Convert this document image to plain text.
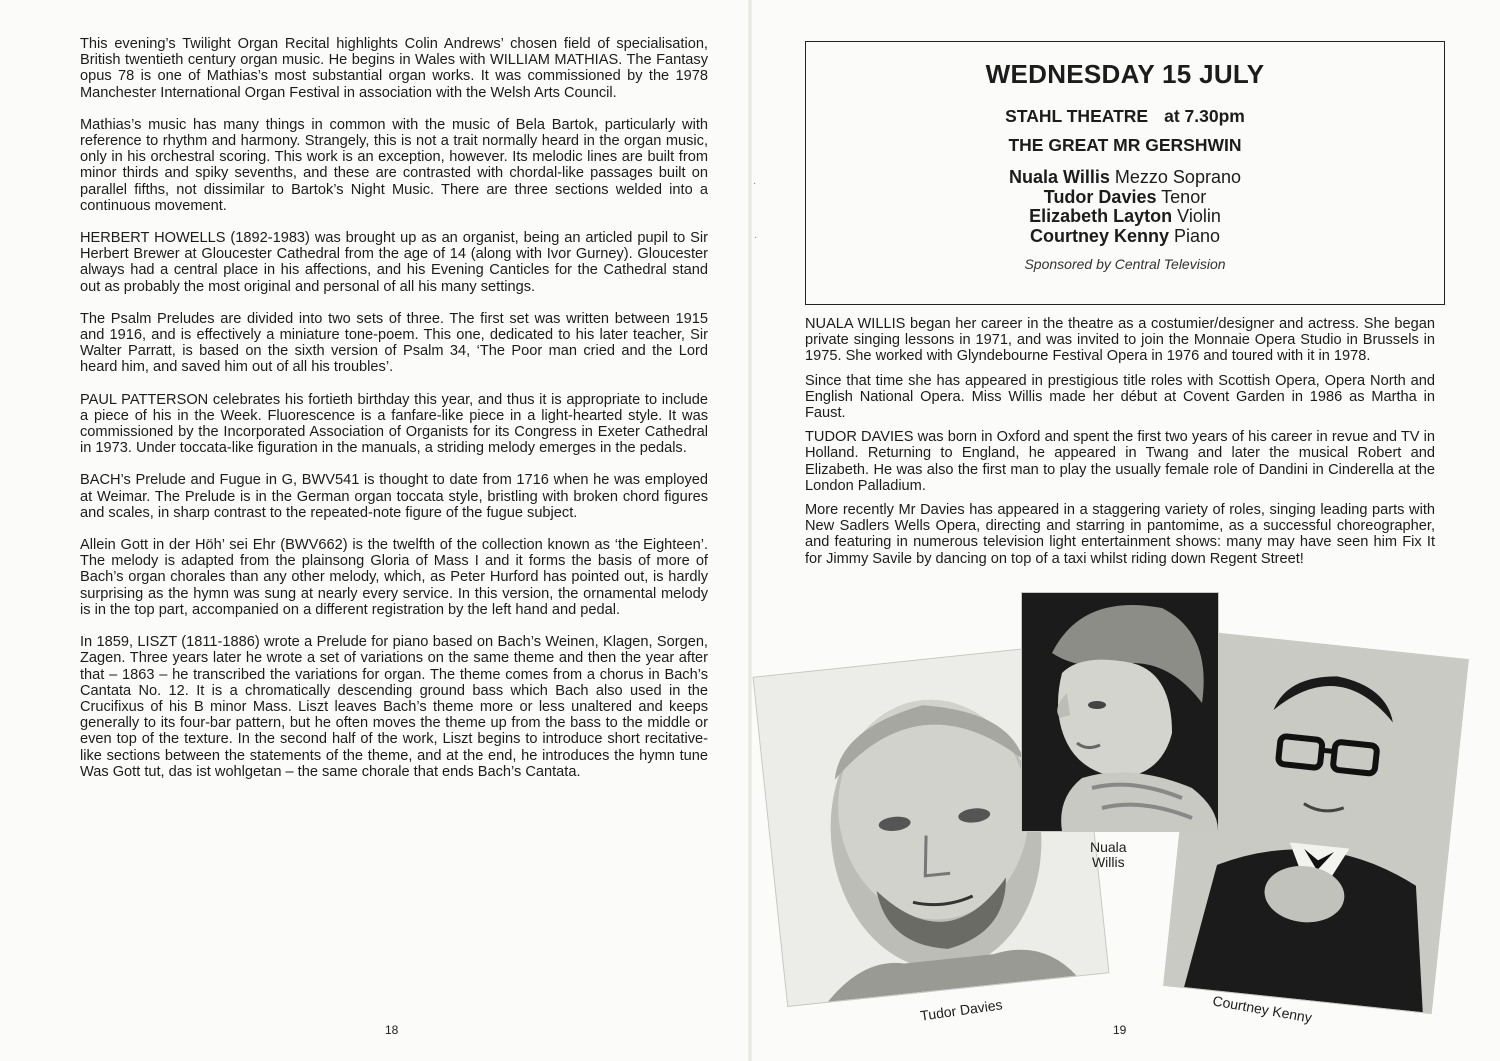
This evening’s Twilight Organ Recital highlights Colin Andrews’ chosen field of specialisation, British twentieth century organ music. He begins in Wales with WILLIAM MATHIAS. The Fantasy opus 78 is one of Mathias’s most substantial organ works. It was commissioned by the 1978 Manchester International Organ Festival in association with the Welsh Arts Council.

Mathias’s music has many things in common with the music of Bela Bartok, particularly with reference to rhythm and harmony. Strangely, this is not a trait normally heard in the organ music, only in his orchestral scoring. This work is an exception, however. Its melodic lines are built from minor thirds and spiky sevenths, and these are contrasted with chordal-like passages built on parallel fifths, not dissimilar to Bartok’s Night Music. There are three sections welded into a continuous movement.

HERBERT HOWELLS (1892-1983) was brought up as an organist, being an articled pupil to Sir Herbert Brewer at Gloucester Cathedral from the age of 14 (along with Ivor Gurney). Gloucester always had a central place in his affections, and his Evening Canticles for the Cathedral stand out as probably the most original and personal of all his many settings.

The Psalm Preludes are divided into two sets of three. The first set was written between 1915 and 1916, and is effectively a miniature tone-poem. This one, dedicated to his later teacher, Sir Walter Parratt, is based on the sixth version of Psalm 34, ‘The Poor man cried and the Lord heard him, and saved him out of all his troubles’.

PAUL PATTERSON celebrates his fortieth birthday this year, and thus it is appropriate to include a piece of his in the Week. Fluorescence is a fanfare-like piece in a light-hearted style. It was commissioned by the Incorporated Association of Organists for its Congress in Exeter Cathedral in 1973. Under toccata-like figuration in the manuals, a striding melody emerges in the pedals.

BACH’s Prelude and Fugue in G, BWV541 is thought to date from 1716 when he was employed at Weimar. The Prelude is in the German organ toccata style, bristling with broken chord figures and scales, in sharp contrast to the repeated-note figure of the fugue subject.

Allein Gott in der Höh’ sei Ehr (BWV662) is the twelfth of the collection known as ‘the Eighteen’. The melody is adapted from the plainsong Gloria of Mass I and it forms the basis of more of Bach’s organ chorales than any other melody, which, as Peter Hurford has pointed out, is hardly surprising as the hymn was sung at nearly every service. In this version, the ornamental melody is in the top part, accompanied on a different registration by the left hand and pedal.

In 1859, LISZT (1811-1886) wrote a Prelude for piano based on Bach’s Weinen, Klagen, Sorgen, Zagen. Three years later he wrote a set of variations on the same theme and then the year after that – 1863 – he transcribed the variations for organ. The theme comes from a chorus in Bach’s Cantata No. 12. It is a chromatically descending ground bass which Bach also used in the Crucifixus of his B minor Mass. Liszt leaves Bach’s theme more or less unaltered and keeps generally to its four-bar pattern, but he often moves the theme up from the bass to the middle or even top of the texture. In the second half of the work, Liszt begins to introduce short recitative-like sections between the statements of the theme, and at the end, he introduces the hymn tune Was Gott tut, das ist wohlgetan – the same chorale that ends Bach’s Cantata.

18
·
·
WEDNESDAY 15 JULY
STAHL THEATRE at 7.30pm
THE GREAT MR GERSHWIN
Nuala Willis Mezzo Soprano
Tudor Davies Tenor
Elizabeth Layton Violin
Courtney Kenny Piano
Sponsored by Central Television

NUALA WILLIS began her career in the theatre as a costumier/designer and actress. She began private singing lessons in 1971, and was invited to join the Monnaie Opera Studio in Brussels in 1975. She worked with Glyndebourne Festival Opera in 1976 and toured with it in 1978.

Since that time she has appeared in prestigious title roles with Scottish Opera, Opera North and English National Opera. Miss Willis made her début at Covent Garden in 1986 as Martha in Faust.

TUDOR DAVIES was born in Oxford and spent the first two years of his career in revue and TV in Holland. Returning to England, he appeared in Twang and later the musical Robert and Elizabeth. He was also the first man to play the usually female role of Dandini in Cinderella at the London Palladium.

More recently Mr Davies has appeared in a staggering variety of roles, singing leading parts with New Sadlers Wells Opera, directing and starring in pantomime, as a successful choreographer, and featuring in numerous television light entertainment shows: many may have seen him Fix It for Jimmy Savile by dancing on top of a taxi whilst riding down Regent Street!

Nuala
Willis
Tudor Davies	Courtney Kenny
19
